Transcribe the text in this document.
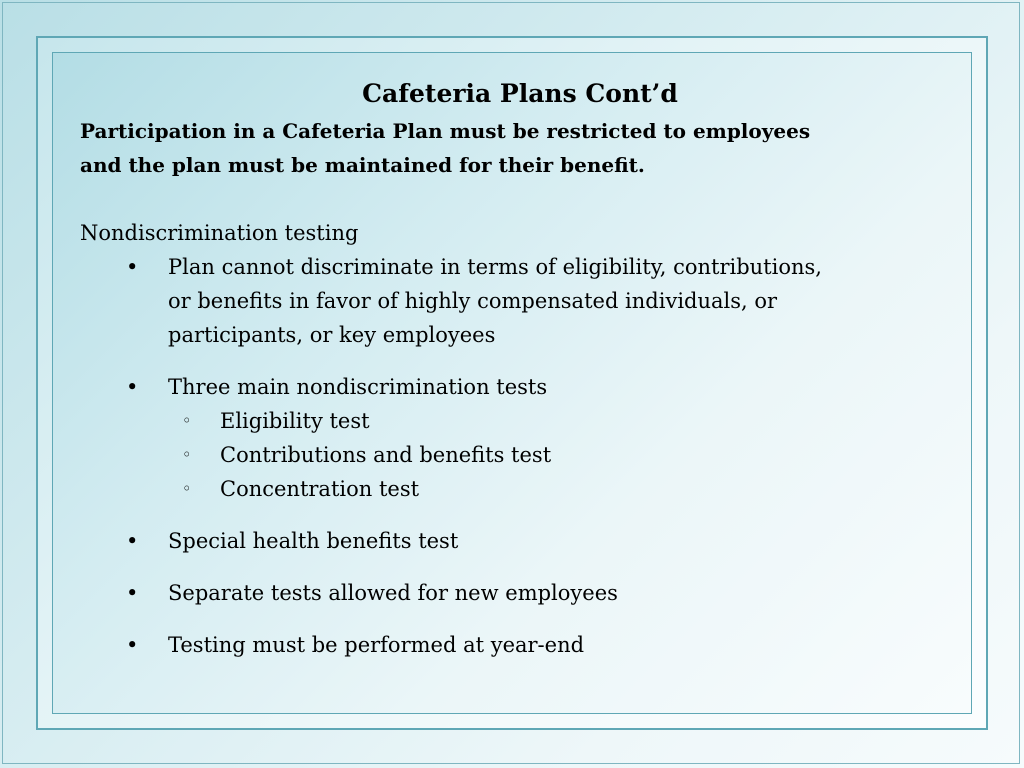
Cafeteria Plans Cont’d

Participation in a Cafeteria Plan must be restricted to employees
and the plan must be maintained for their benefit.

Nondiscrimination testing
• Plan cannot discriminate in terms of eligibility, contributions,
or benefits in favor of highly compensated individuals, or
participants, or key employees
• Three main nondiscrimination tests
◦ Eligibility test
◦ Contributions and benefits test
◦ Concentration test
• Special health benefits test
• Separate tests allowed for new employees
• Testing must be performed at year-end
